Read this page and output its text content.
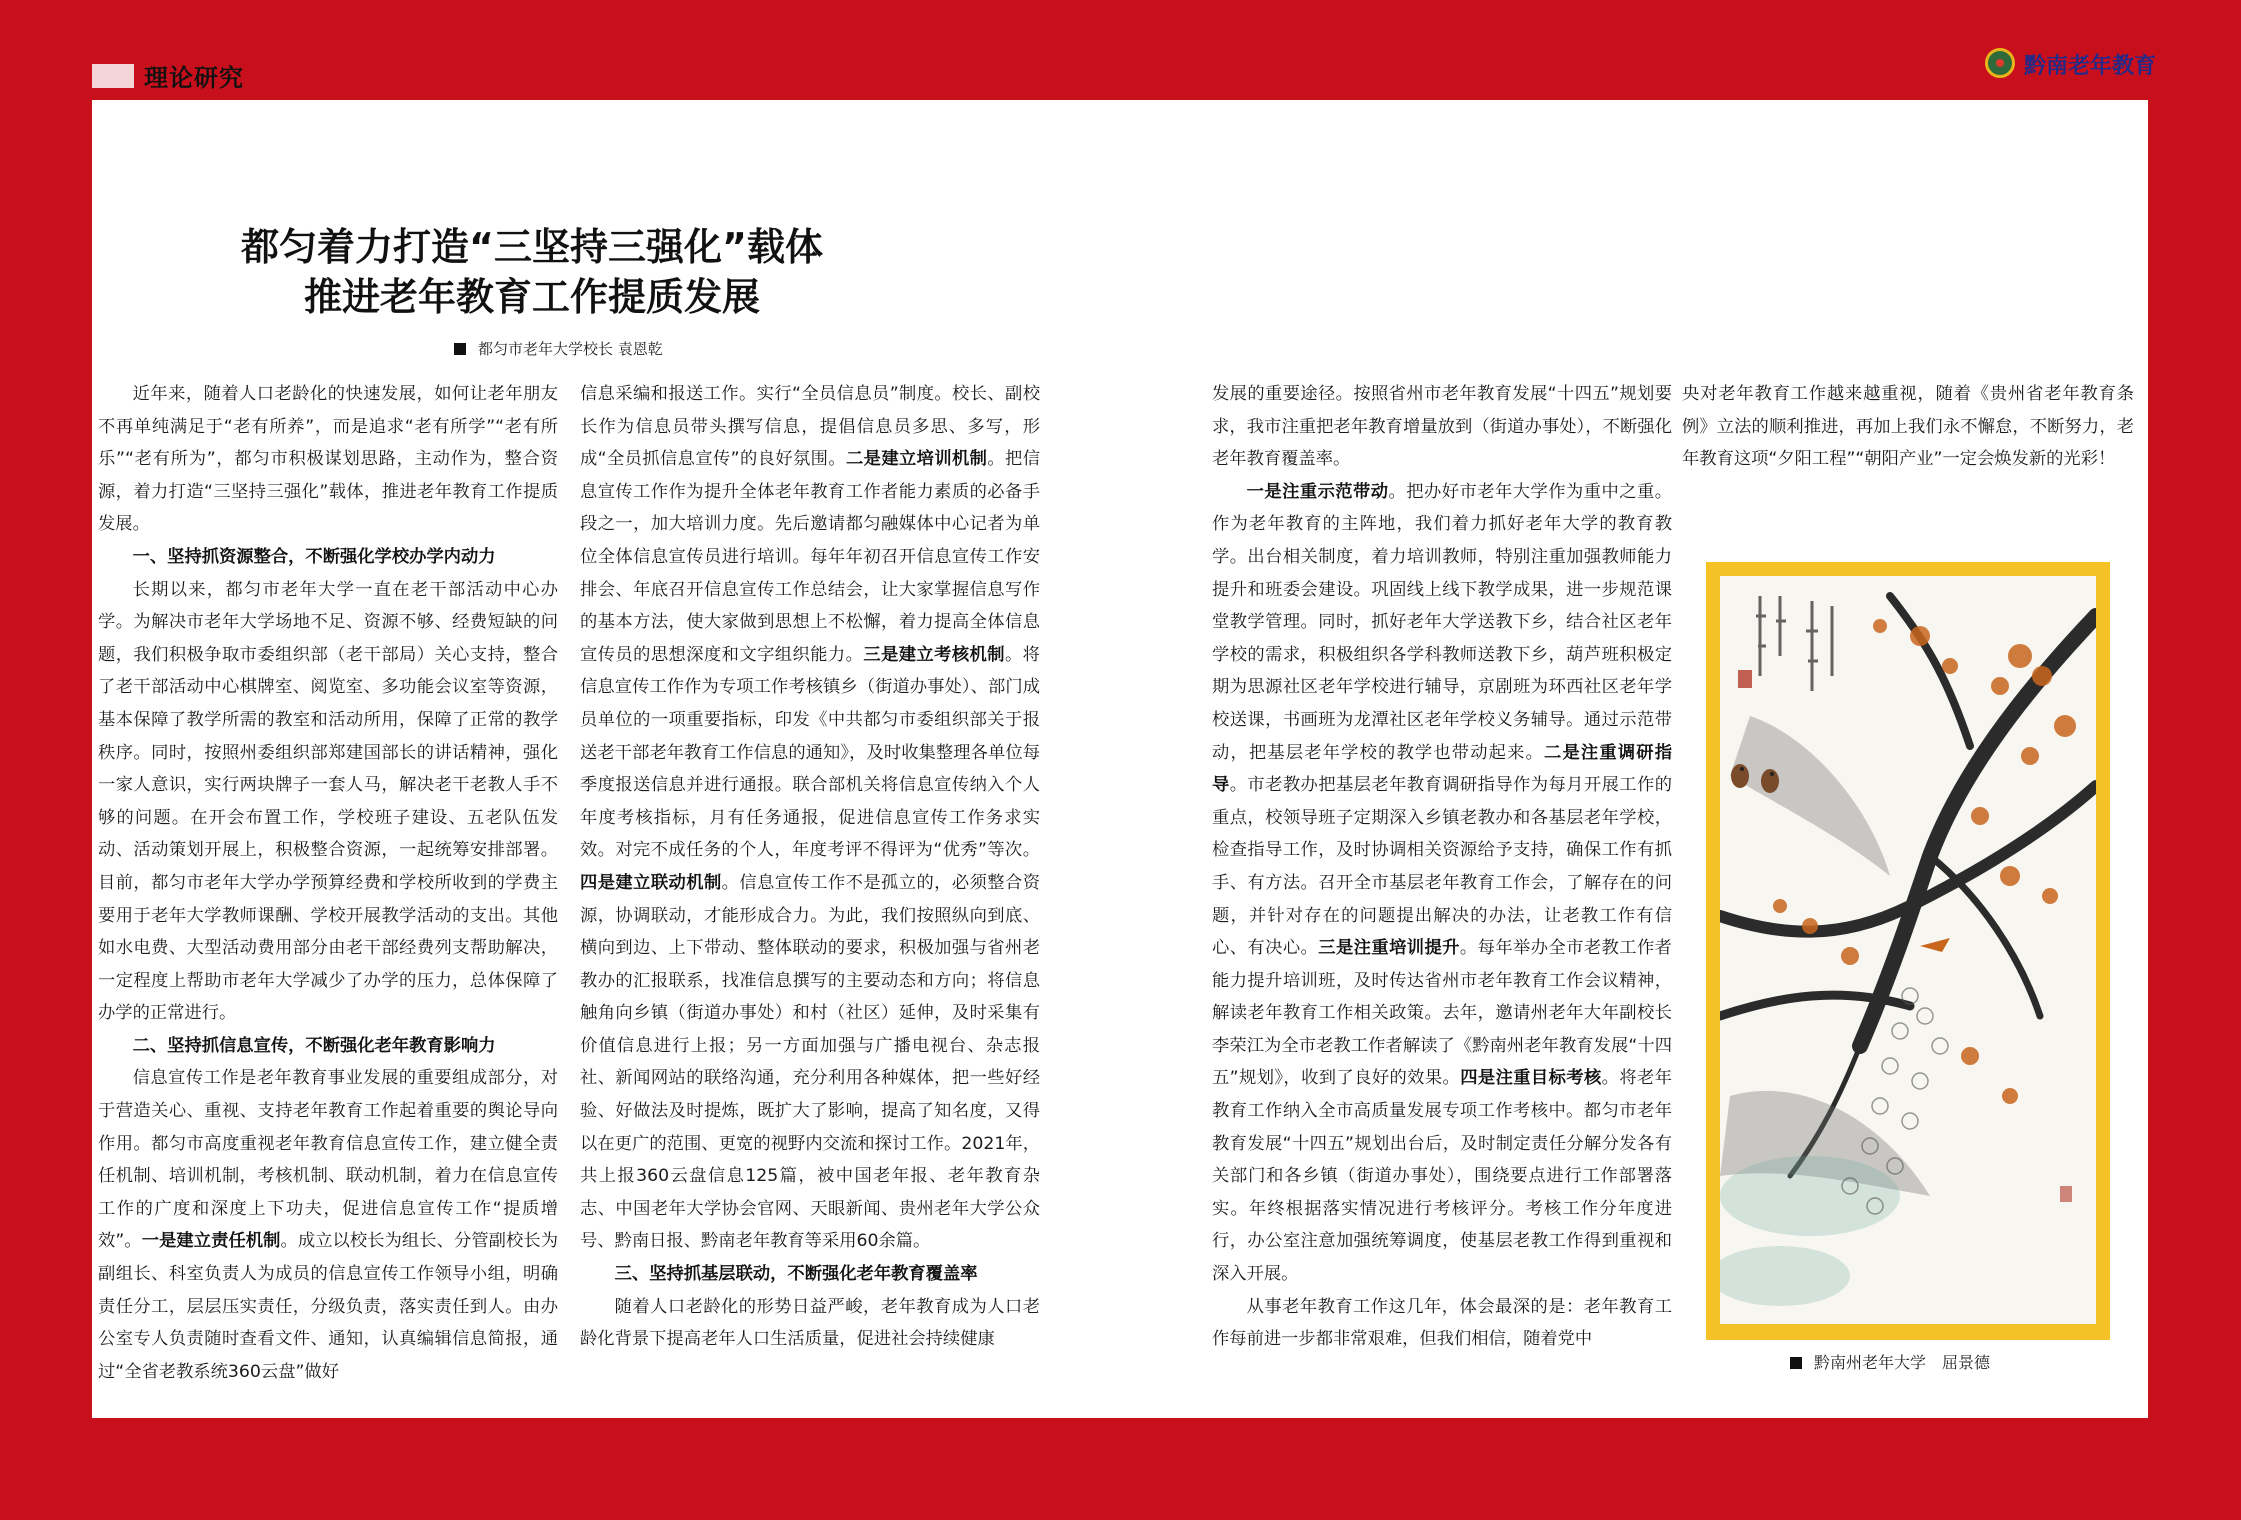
理论研究	黔南老年教育
都匀着力打造“三坚持三强化”载体
推进老年教育工作提质发展
都匀市老年大学校长 袁恩乾

近年来，随着人口老龄化的快速发展，如何让老年朋友不再单纯满足于“老有所养”，而是追求“老有所学”“老有所乐”“老有所为”，都匀市积极谋划思路，主动作为，整合资源，着力打造“三坚持三强化”载体，推进老年教育工作提质发展。

一、坚持抓资源整合，不断强化学校办学内动力

长期以来，都匀市老年大学一直在老干部活动中心办学。为解决市老年大学场地不足、资源不够、经费短缺的问题，我们积极争取市委组织部（老干部局）关心支持，整合了老干部活动中心棋牌室、阅览室、多功能会议室等资源，基本保障了教学所需的教室和活动所用，保障了正常的教学秩序。同时，按照州委组织部郑建国部长的讲话精神，强化一家人意识，实行两块牌子一套人马，解决老干老教人手不够的问题。在开会布置工作，学校班子建设、五老队伍发动、活动策划开展上，积极整合资源，一起统筹安排部署。目前，都匀市老年大学办学预算经费和学校所收到的学费主要用于老年大学教师课酬、学校开展教学活动的支出。其他如水电费、大型活动费用部分由老干部经费列支帮助解决，一定程度上帮助市老年大学减少了办学的压力，总体保障了办学的正常进行。

二、坚持抓信息宣传，不断强化老年教育影响力

信息宣传工作是老年教育事业发展的重要组成部分，对于营造关心、重视、支持老年教育工作起着重要的舆论导向作用。都匀市高度重视老年教育信息宣传工作，建立健全责任机制、培训机制，考核机制、联动机制，着力在信息宣传工作的广度和深度上下功夫，促进信息宣传工作“提质增效”。一是建立责任机制。成立以校长为组长、分管副校长为副组长、科室负责人为成员的信息宣传工作领导小组，明确责任分工，层层压实责任，分级负责，落实责任到人。由办公室专人负责随时查看文件、通知，认真编辑信息简报，通过“全省老教系统360云盘”做好

信息采编和报送工作。实行“全员信息员”制度。校长、副校长作为信息员带头撰写信息，提倡信息员多思、多写，形成“全员抓信息宣传”的良好氛围。二是建立培训机制。把信息宣传工作作为提升全体老年教育工作者能力素质的必备手段之一，加大培训力度。先后邀请都匀融媒体中心记者为单位全体信息宣传员进行培训。每年年初召开信息宣传工作安排会、年底召开信息宣传工作总结会，让大家掌握信息写作的基本方法，使大家做到思想上不松懈，着力提高全体信息宣传员的思想深度和文字组织能力。三是建立考核机制。将信息宣传工作作为专项工作考核镇乡（街道办事处）、部门成员单位的一项重要指标，印发《中共都匀市委组织部关于报送老干部老年教育工作信息的通知》，及时收集整理各单位每季度报送信息并进行通报。联合部机关将信息宣传纳入个人年度考核指标，月有任务通报，促进信息宣传工作务求实效。对完不成任务的个人，年度考评不得评为“优秀”等次。四是建立联动机制。信息宣传工作不是孤立的，必须整合资源，协调联动，才能形成合力。为此，我们按照纵向到底、横向到边、上下带动、整体联动的要求，积极加强与省州老教办的汇报联系，找准信息撰写的主要动态和方向；将信息触角向乡镇（街道办事处）和村（社区）延伸，及时采集有价值信息进行上报；另一方面加强与广播电视台、杂志报社、新闻网站的联络沟通，充分利用各种媒体，把一些好经验、好做法及时提炼，既扩大了影响，提高了知名度，又得以在更广的范围、更宽的视野内交流和探讨工作。2021年，共上报360云盘信息125篇，被中国老年报、老年教育杂志、中国老年大学协会官网、天眼新闻、贵州老年大学公众号、黔南日报、黔南老年教育等采用60余篇。

三、坚持抓基层联动，不断强化老年教育覆盖率

随着人口老龄化的形势日益严峻，老年教育成为人口老龄化背景下提高老年人口生活质量，促进社会持续健康

发展的重要途径。按照省州市老年教育发展“十四五”规划要求，我市注重把老年教育增量放到（街道办事处），不断强化老年教育覆盖率。

一是注重示范带动。把办好市老年大学作为重中之重。作为老年教育的主阵地，我们着力抓好老年大学的教育教学。出台相关制度，着力培训教师，特别注重加强教师能力提升和班委会建设。巩固线上线下教学成果，进一步规范课堂教学管理。同时，抓好老年大学送教下乡，结合社区老年学校的需求，积极组织各学科教师送教下乡，葫芦班积极定期为思源社区老年学校进行辅导，京剧班为环西社区老年学校送课，书画班为龙潭社区老年学校义务辅导。通过示范带动，把基层老年学校的教学也带动起来。二是注重调研指导。市老教办把基层老年教育调研指导作为每月开展工作的重点，校领导班子定期深入乡镇老教办和各基层老年学校，检查指导工作，及时协调相关资源给予支持，确保工作有抓手、有方法。召开全市基层老年教育工作会，了解存在的问题，并针对存在的问题提出解决的办法，让老教工作有信心、有决心。三是注重培训提升。每年举办全市老教工作者能力提升培训班，及时传达省州市老年教育工作会议精神，解读老年教育工作相关政策。去年，邀请州老年大年副校长李荣江为全市老教工作者解读了《黔南州老年教育发展“十四五”规划》，收到了良好的效果。四是注重目标考核。将老年教育工作纳入全市高质量发展专项工作考核中。都匀市老年教育发展“十四五”规划出台后，及时制定责任分解分发各有关部门和各乡镇（街道办事处），围绕要点进行工作部署落实。年终根据落实情况进行考核评分。考核工作分年度进行，办公室注意加强统筹调度，使基层老教工作得到重视和深入开展。

从事老年教育工作这几年，体会最深的是：老年教育工作每前进一步都非常艰难，但我们相信，随着党中

央对老年教育工作越来越重视，随着《贵州省老年教育条例》立法的顺利推进，再加上我们永不懈怠，不断努力，老年教育这项“夕阳工程”“朝阳产业”一定会焕发新的光彩！

黔南州老年大学　屈景德
